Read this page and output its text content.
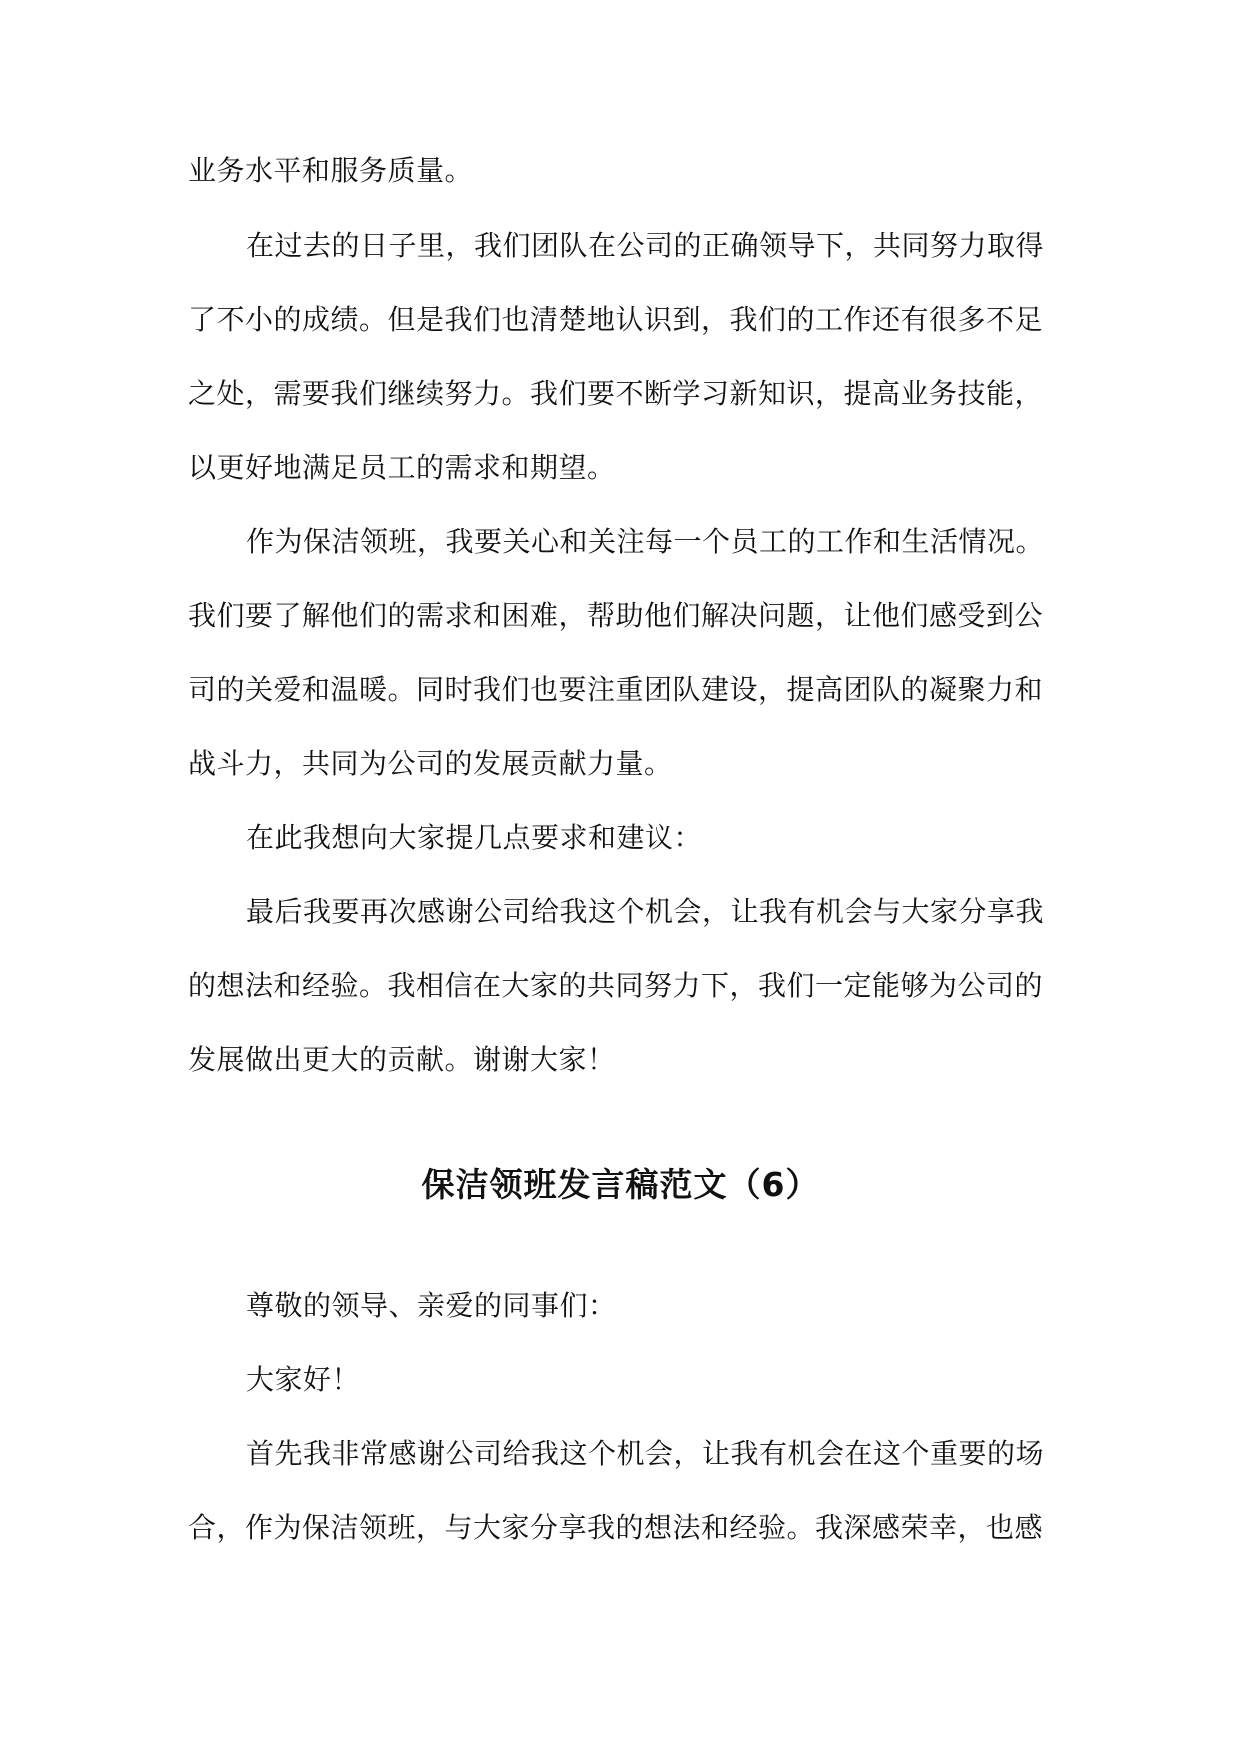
业务水平和服务质量。
在过去的日子里，我们团队在公司的正确领导下，共同努力取得
了不小的成绩。但是我们也清楚地认识到，我们的工作还有很多不足
之处，需要我们继续努力。我们要不断学习新知识，提高业务技能，
以更好地满足员工的需求和期望。
作为保洁领班，我要关心和关注每一个员工的工作和生活情况。
我们要了解他们的需求和困难，帮助他们解决问题，让他们感受到公
司的关爱和温暖。同时我们也要注重团队建设，提高团队的凝聚力和
战斗力，共同为公司的发展贡献力量。
在此我想向大家提几点要求和建议：
最后我要再次感谢公司给我这个机会，让我有机会与大家分享我
的想法和经验。我相信在大家的共同努力下，我们一定能够为公司的
发展做出更大的贡献。谢谢大家！
保洁领班发言稿范文（6）
尊敬的领导、亲爱的同事们：
大家好！
首先我非常感谢公司给我这个机会，让我有机会在这个重要的场
合，作为保洁领班，与大家分享我的想法和经验。我深感荣幸，也感
